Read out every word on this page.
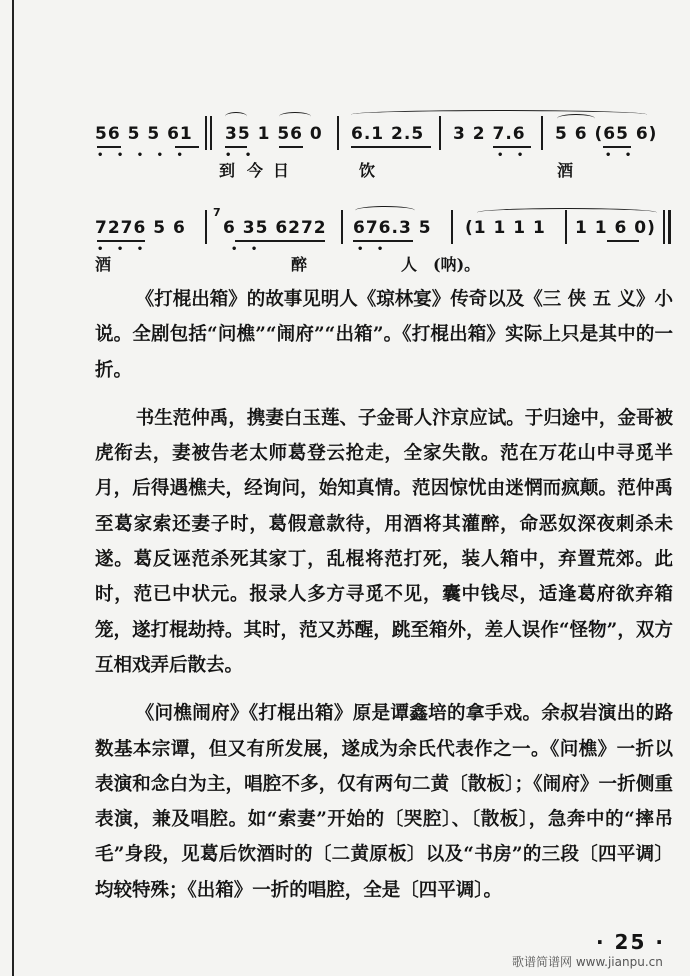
56 5 5 61 35 1 56 0 6.1 2.5 3 2 7.6 5 6 (65 6)
• • • • •	• •	• •	• •
到 今 日	饮	酒
7276 5 6
7
6 35 6272 676.3 5 (1 1 1 1 1 1 6 0)
• • •	• •	• •
酒	醉	人 (呐)。

《打棍出箱》的故事见明人《琼林宴》传奇以及《三 侠 五 义》小说。全剧包括“问樵”“闹府”“出箱”。《打棍出箱》实际上只是其中的一折。

书生范仲禹，携妻白玉莲、子金哥人汴京应试。于归途中，金哥被虎衔去，妻被告老太师葛登云抢走，全家失散。范在万花山中寻觅半月，后得遇樵夫，经询问，始知真情。范因惊忧由迷惘而疯颠。范仲禹至葛家索还妻子时，葛假意款待，用酒将其灌醉，命恶奴深夜刺杀未遂。葛反诬范杀死其家丁，乱棍将范打死，装人箱中，弃置荒郊。此时，范已中状元。报录人多方寻觅不见，囊中钱尽，适逢葛府欲弃箱笼，遂打棍劫持。其时，范又苏醒，跳至箱外，差人误作“怪物”，双方互相戏弄后散去。

《问樵闹府》《打棍出箱》原是谭鑫培的拿手戏。余叔岩演出的路数基本宗谭，但又有所发展，遂成为余氏代表作之一。《问樵》一折以表演和念白为主，唱腔不多，仅有两句二黄〔散板〕；《闹府》一折侧重表演，兼及唱腔。如“索妻”开始的〔哭腔〕、〔散板〕，急奔中的“摔吊毛”身段，见葛后饮酒时的〔二黄原板〕以及“书房”的三段〔四平调〕均较特殊；《出箱》一折的唱腔，全是〔四平调〕。

· 25 ·
歌谱简谱网 www.jianpu.cn
